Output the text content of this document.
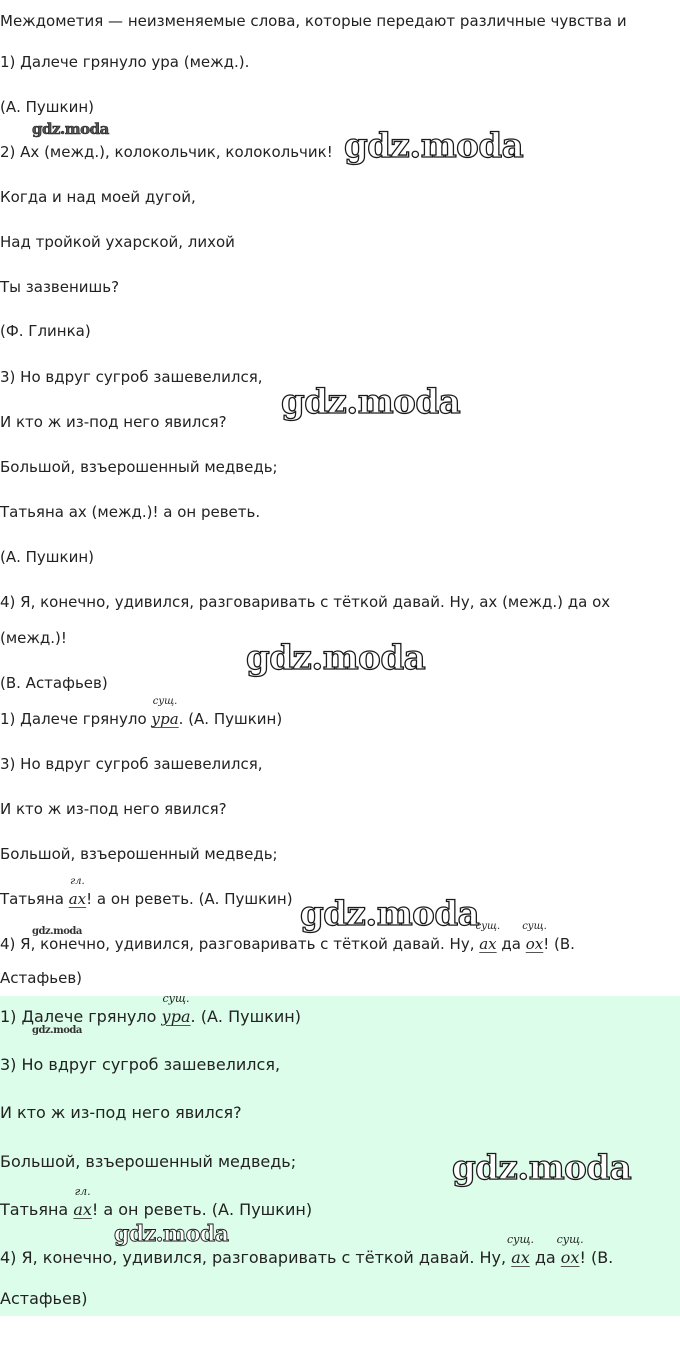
Междометия — неизменяемые слова, которые передают различные чувства и
1) Далече грянуло ура (межд.).
(А. Пушкин)
2) Ах (межд.), колокольчик, колокольчик!
Когда и над моей дугой,
Над тройкой ухарской, лихой
Ты зазвенишь?
(Ф. Глинка)
3) Но вдруг сугроб зашевелился,
И кто ж из-под него явился?
Большой, взъерошенный медведь;
Татьяна ах (межд.)! а он реветь.
(А. Пушкин)
4) Я, конечно, удивился, разговаривать с тёткой давай. Ну, ах (межд.) да ох
(межд.)!
(В. Астафьев)
1) Далече грянуло
сущ.
ура. (А. Пушкин)
3) Но вдруг сугроб зашевелился,
И кто ж из-под него явился?
Большой, взъерошенный медведь;
Татьяна
гл.
ах! а он реветь. (А. Пушкин)
4) Я, конечно, удивился, разговаривать с тёткой давай. Ну,
сущ.
ах да
сущ.
ох! (В.
Астафьев)
1) Далече грянуло
сущ.
ура. (А. Пушкин)
3) Но вдруг сугроб зашевелился,
И кто ж из-под него явился?
Большой, взъерошенный медведь;
Татьяна
гл.
ах! а он реветь. (А. Пушкин)
4) Я, конечно, удивился, разговаривать с тёткой давай. Ну,
сущ.
ах да
сущ.
ох! (В.
Астафьев)
gdz.moda	gdz.moda
gdz.moda
gdz.moda
gdz.moda
gdz.moda
gdz.moda
gdz.moda
gdz.moda
